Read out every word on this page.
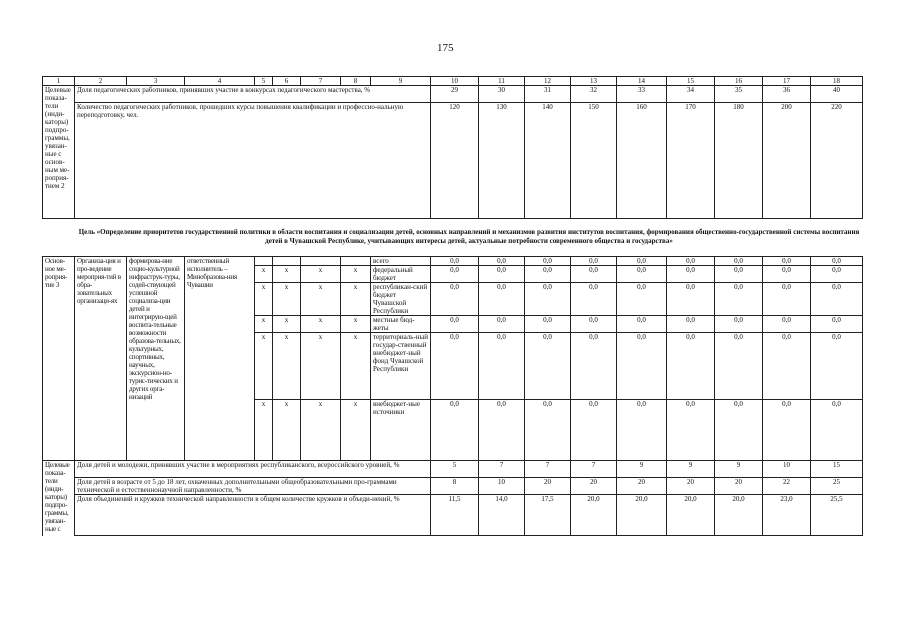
175
1	2	3	4	5	6	7	8	9	10	11	12	13	14	15	16	17	18
Целевые показа-тели (инди-каторы) подпро-граммы, увязан-ные с основ-ным ме-роприя-тием 2	Доля педагогических работников, принявших участие в конкурсах педагогического мастерства, %								29	30	31	32	33	34	35	36	40
	Количество педагогических работников, прошедших курсы повышения квалификации и профессио-нальную переподготовку, чел.								120	130	140	150	160	170	180	200	220
Цель «Определение приоритетов государственной политики в области воспитания и социализации детей, основных направлений и механизмов развития институтов воспитания, формирования общественно-государственной системы воспитания детей в Чувашской Республике, учитывающих интересы детей, актуальные потребности современного общества и государства»
Основ-ное ме-роприя-тие 3	Организа-ция и про-ведение мероприя-тий в обра-зовательных организаци-ях	формирова-ние социо-культурной инфраструк-туры, содей-ствующей успешной социализа-ции детей и интегрирую-щей воспита-тельные возможности образова-тельных, культурных, спортивных, научных, экскурсион-но-турис-тических и других орга-низаций	ответственный исполнитель – Минобразова-ния Чувашии					всего	0,0	0,0	0,0	0,0	0,0	0,0	0,0	0,0	0,0
				x	x	x	x	федеральный бюджет	0,0	0,0	0,0	0,0	0,0	0,0	0,0	0,0	0,0
				x	x	x	x	республикан-ский бюджет Чувашской Республики	0,0	0,0	0,0	0,0	0,0	0,0	0,0	0,0	0,0
				x	x	x	x	местные бюд-жеты	0,0	0,0	0,0	0,0	0,0	0,0	0,0	0,0	0,0
				x	x	x	x	территориаль-ный государ-ственный внебюджет-ный фонд Чувашской Республики	0,0	0,0	0,0	0,0	0,0	0,0	0,0	0,0	0,0
				x	x	x	x	внебюджет-ные источники	0,0	0,0	0,0	0,0	0,0	0,0	0,0	0,0	0,0
Целевые показа-тели (инди-каторы) подпро-граммы, увязан-ные с	Доля детей и молодежи, принявших участие в мероприятиях республиканского, всероссийского уровней, %								5	7	7	7	9	9	9	10	15
	Доля детей в возрасте от 5 до 18 лет, охваченных дополнительными общеобразовательными про-граммами технической и естественнонаучной направленности, %								8	10	20	20	20	20	20	22	25
	Доля объединений и кружков технической направленности в общем количестве кружков и объеди-нений, %								11,5	14,0	17,5	20,0	20,0	20,0	20,0	23,0	25,5
